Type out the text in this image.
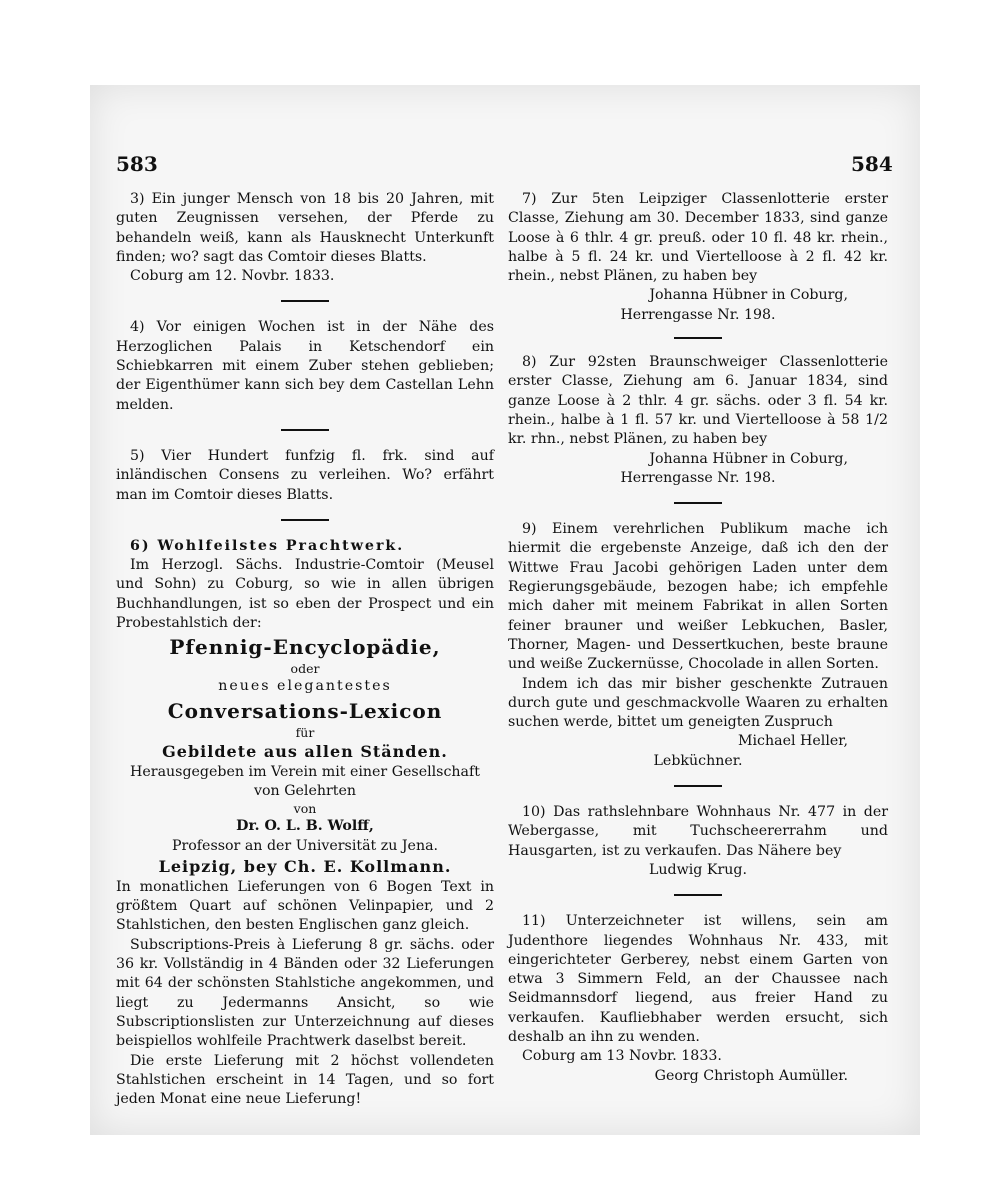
583	584

3) Ein junger Mensch von 18 bis 20 Jahren, mit guten Zeugnissen versehen, der Pferde zu behandeln weiß, kann als Hausknecht Unterkunft finden; wo? sagt das Comtoir dieses Blatts.

Coburg am 12. Novbr. 1833.

4) Vor einigen Wochen ist in der Nähe des Herzoglichen Palais in Ketschendorf ein Schiebkarren mit einem Zuber stehen geblieben; der Eigenthümer kann sich bey dem Castellan Lehn melden.

5) Vier Hundert funfzig fl. frk. sind auf inländischen Consens zu verleihen. Wo? erfährt man im Comtoir dieses Blatts.

6) Wohlfeilstes Prachtwerk.

Im Herzogl. Sächs. Industrie-Comtoir (Meusel und Sohn) zu Coburg, so wie in allen übrigen Buchhandlungen, ist so eben der Prospect und ein Probestahlstich der:

Pfennig-Encyclopädie,

oder

neues elegantestes

Conversations-Lexicon

für

Gebildete aus allen Ständen.

Herausgegeben im Verein mit einer Gesellschaft von Gelehrten

von

Dr. O. L. B. Wolff,

Professor an der Universität zu Jena.

Leipzig, bey Ch. E. Kollmann.

In monatlichen Lieferungen von 6 Bogen Text in größtem Quart auf schönen Velinpapier, und 2 Stahlstichen, den besten Englischen ganz gleich.

Subscriptions-Preis à Lieferung 8 gr. sächs. oder 36 kr. Vollständig in 4 Bänden oder 32 Lieferungen mit 64 der schönsten Stahlstiche angekommen, und liegt zu Jedermanns Ansicht, so wie Subscriptionslisten zur Unterzeichnung auf dieses beispiellos wohlfeile Prachtwerk daselbst bereit.

Die erste Lieferung mit 2 höchst vollendeten Stahlstichen erscheint in 14 Tagen, und so fort jeden Monat eine neue Lieferung!

7) Zur 5ten Leipziger Classenlotterie erster Classe, Ziehung am 30. December 1833, sind ganze Loose à 6 thlr. 4 gr. preuß. oder 10 fl. 48 kr. rhein., halbe à 5 fl. 24 kr. und Viertelloose à 2 fl. 42 kr. rhein., nebst Plänen, zu haben bey

Johanna Hübner in Coburg,

Herrengasse Nr. 198.

8) Zur 92sten Braunschweiger Classenlotterie erster Classe, Ziehung am 6. Januar 1834, sind ganze Loose à 2 thlr. 4 gr. sächs. oder 3 fl. 54 kr. rhein., halbe à 1 fl. 57 kr. und Viertelloose à 58 1/2 kr. rhn., nebst Plänen, zu haben bey

Johanna Hübner in Coburg,

Herrengasse Nr. 198.

9) Einem verehrlichen Publikum mache ich hiermit die ergebenste Anzeige, daß ich den der Wittwe Frau Jacobi gehörigen Laden unter dem Regierungsgebäude, bezogen habe; ich empfehle mich daher mit meinem Fabrikat in allen Sorten feiner brauner und weißer Lebkuchen, Basler, Thorner, Magen- und Dessertkuchen, beste braune und weiße Zuckernüsse, Chocolade in allen Sorten.

Indem ich das mir bisher geschenkte Zutrauen durch gute und geschmackvolle Waaren zu erhalten suchen werde, bittet um geneigten Zuspruch

Michael Heller,

Lebküchner.

10) Das rathslehnbare Wohnhaus Nr. 477 in der Webergasse, mit Tuchscheererrahm und Hausgarten, ist zu verkaufen. Das Nähere bey

Ludwig Krug.

11) Unterzeichneter ist willens, sein am Judenthore liegendes Wohnhaus Nr. 433, mit eingerichteter Gerberey, nebst einem Garten von etwa 3 Simmern Feld, an der Chaussee nach Seidmannsdorf liegend, aus freier Hand zu verkaufen. Kaufliebhaber werden ersucht, sich deshalb an ihn zu wenden.

Coburg am 13 Novbr. 1833.

Georg Christoph Aumüller.
